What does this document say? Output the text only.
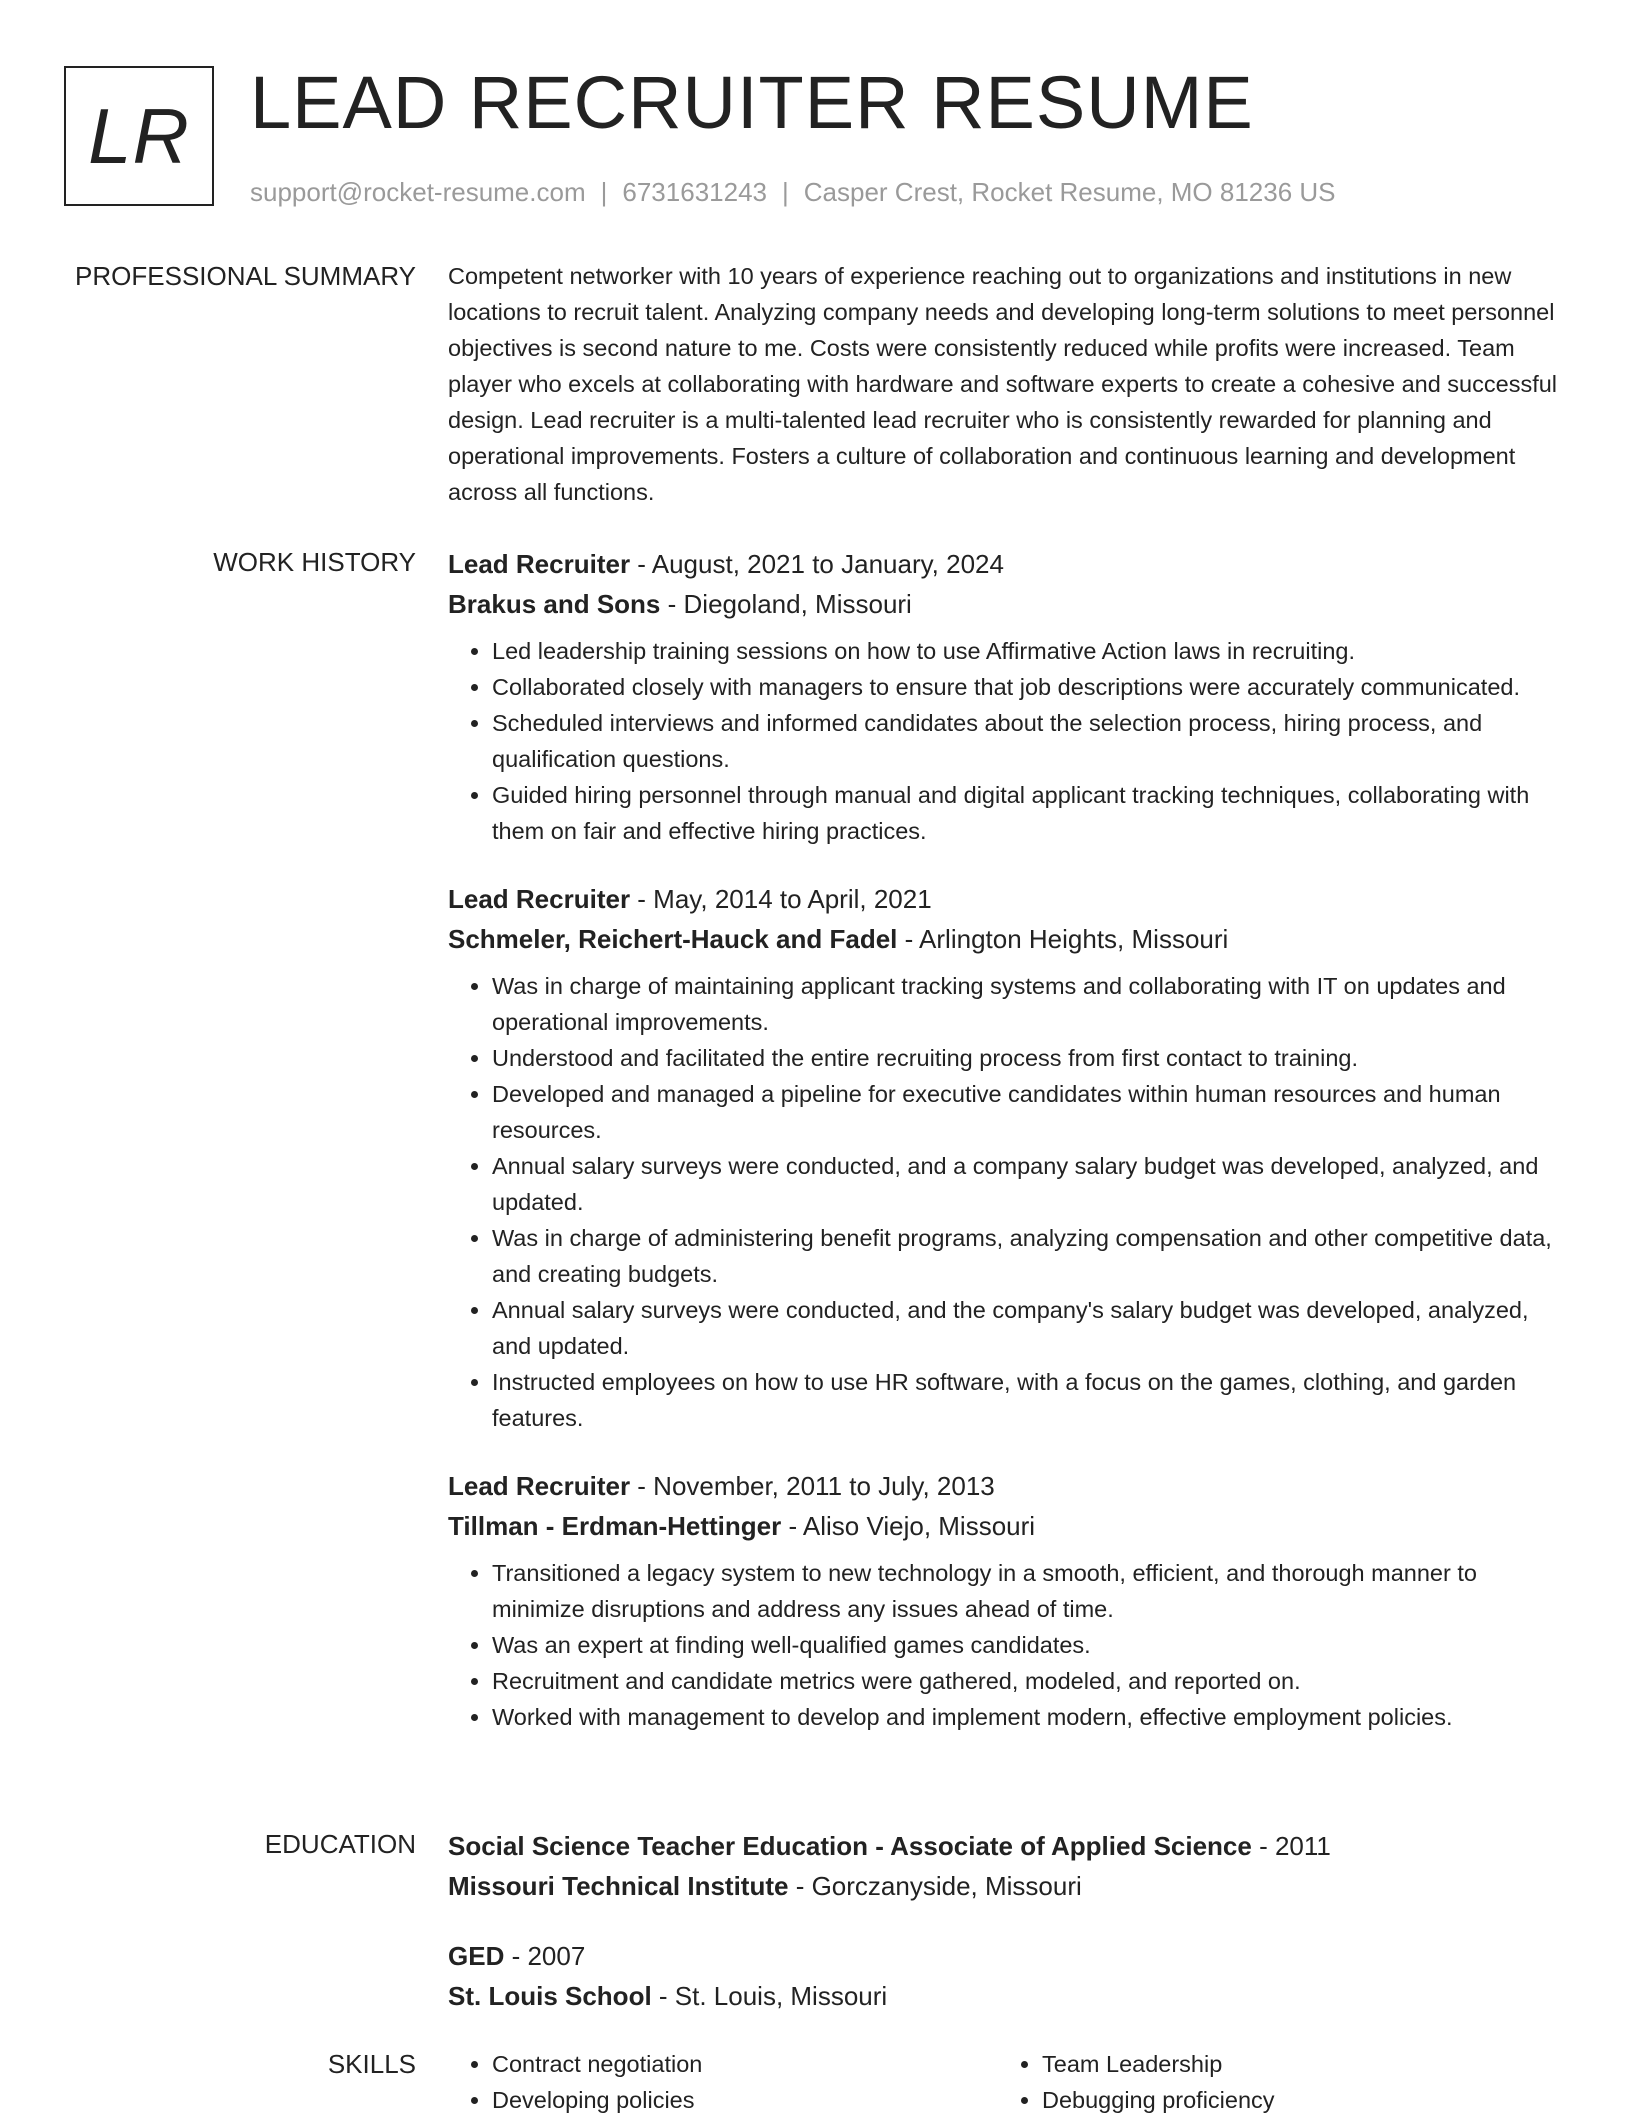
LR LEAD RECRUITER RESUME
support@rocket-resume.com | 6731631243 | Casper Crest, Rocket Resume, MO 81236 US
PROFESSIONAL SUMMARY Competent networker with 10 years of experience reaching out to organizations and institutions in new locations to recruit talent. Analyzing company needs and developing long-term solutions to meet personnel objectives is second nature to me. Costs were consistently reduced while profits were increased. Team player who excels at collaborating with hardware and software experts to create a cohesive and successful design. Lead recruiter is a multi-talented lead recruiter who is consistently rewarded for planning and operational improvements. Fosters a culture of collaboration and continuous learning and development across all functions.

WORK HISTORY Lead Recruiter - August, 2021 to January, 2024
Brakus and Sons - Diegoland, Missouri
• Led leadership training sessions on how to use Affirmative Action laws in recruiting.
• Collaborated closely with managers to ensure that job descriptions were accurately communicated.
• Scheduled interviews and informed candidates about the selection process, hiring process, and qualification questions.
• Guided hiring personnel through manual and digital applicant tracking techniques, collaborating with them on fair and effective hiring practices.
Lead Recruiter - May, 2014 to April, 2021
Schmeler, Reichert-Hauck and Fadel - Arlington Heights, Missouri
• Was in charge of maintaining applicant tracking systems and collaborating with IT on updates and operational improvements.
• Understood and facilitated the entire recruiting process from first contact to training.
• Developed and managed a pipeline for executive candidates within human resources and human resources.
• Annual salary surveys were conducted, and a company salary budget was developed, analyzed, and updated.
• Was in charge of administering benefit programs, analyzing compensation and other competitive data, and creating budgets.
• Annual salary surveys were conducted, and the company's salary budget was developed, analyzed, and updated.
• Instructed employees on how to use HR software, with a focus on the games, clothing, and garden features.
Lead Recruiter - November, 2011 to July, 2013
Tillman - Erdman-Hettinger - Aliso Viejo, Missouri
• Transitioned a legacy system to new technology in a smooth, efficient, and thorough manner to minimize disruptions and address any issues ahead of time.
• Was an expert at finding well-qualified games candidates.
• Recruitment and candidate metrics were gathered, modeled, and reported on.
• Worked with management to develop and implement modern, effective employment policies.
EDUCATION Social Science Teacher Education - Associate of Applied Science - 2011
Missouri Technical Institute - Gorczanyside, Missouri
GED - 2007
St. Louis School - St. Louis, Missouri
SKILLS
•	Contract negotiation
• Developing policies
• Team Leadership
• Debugging proficiency
